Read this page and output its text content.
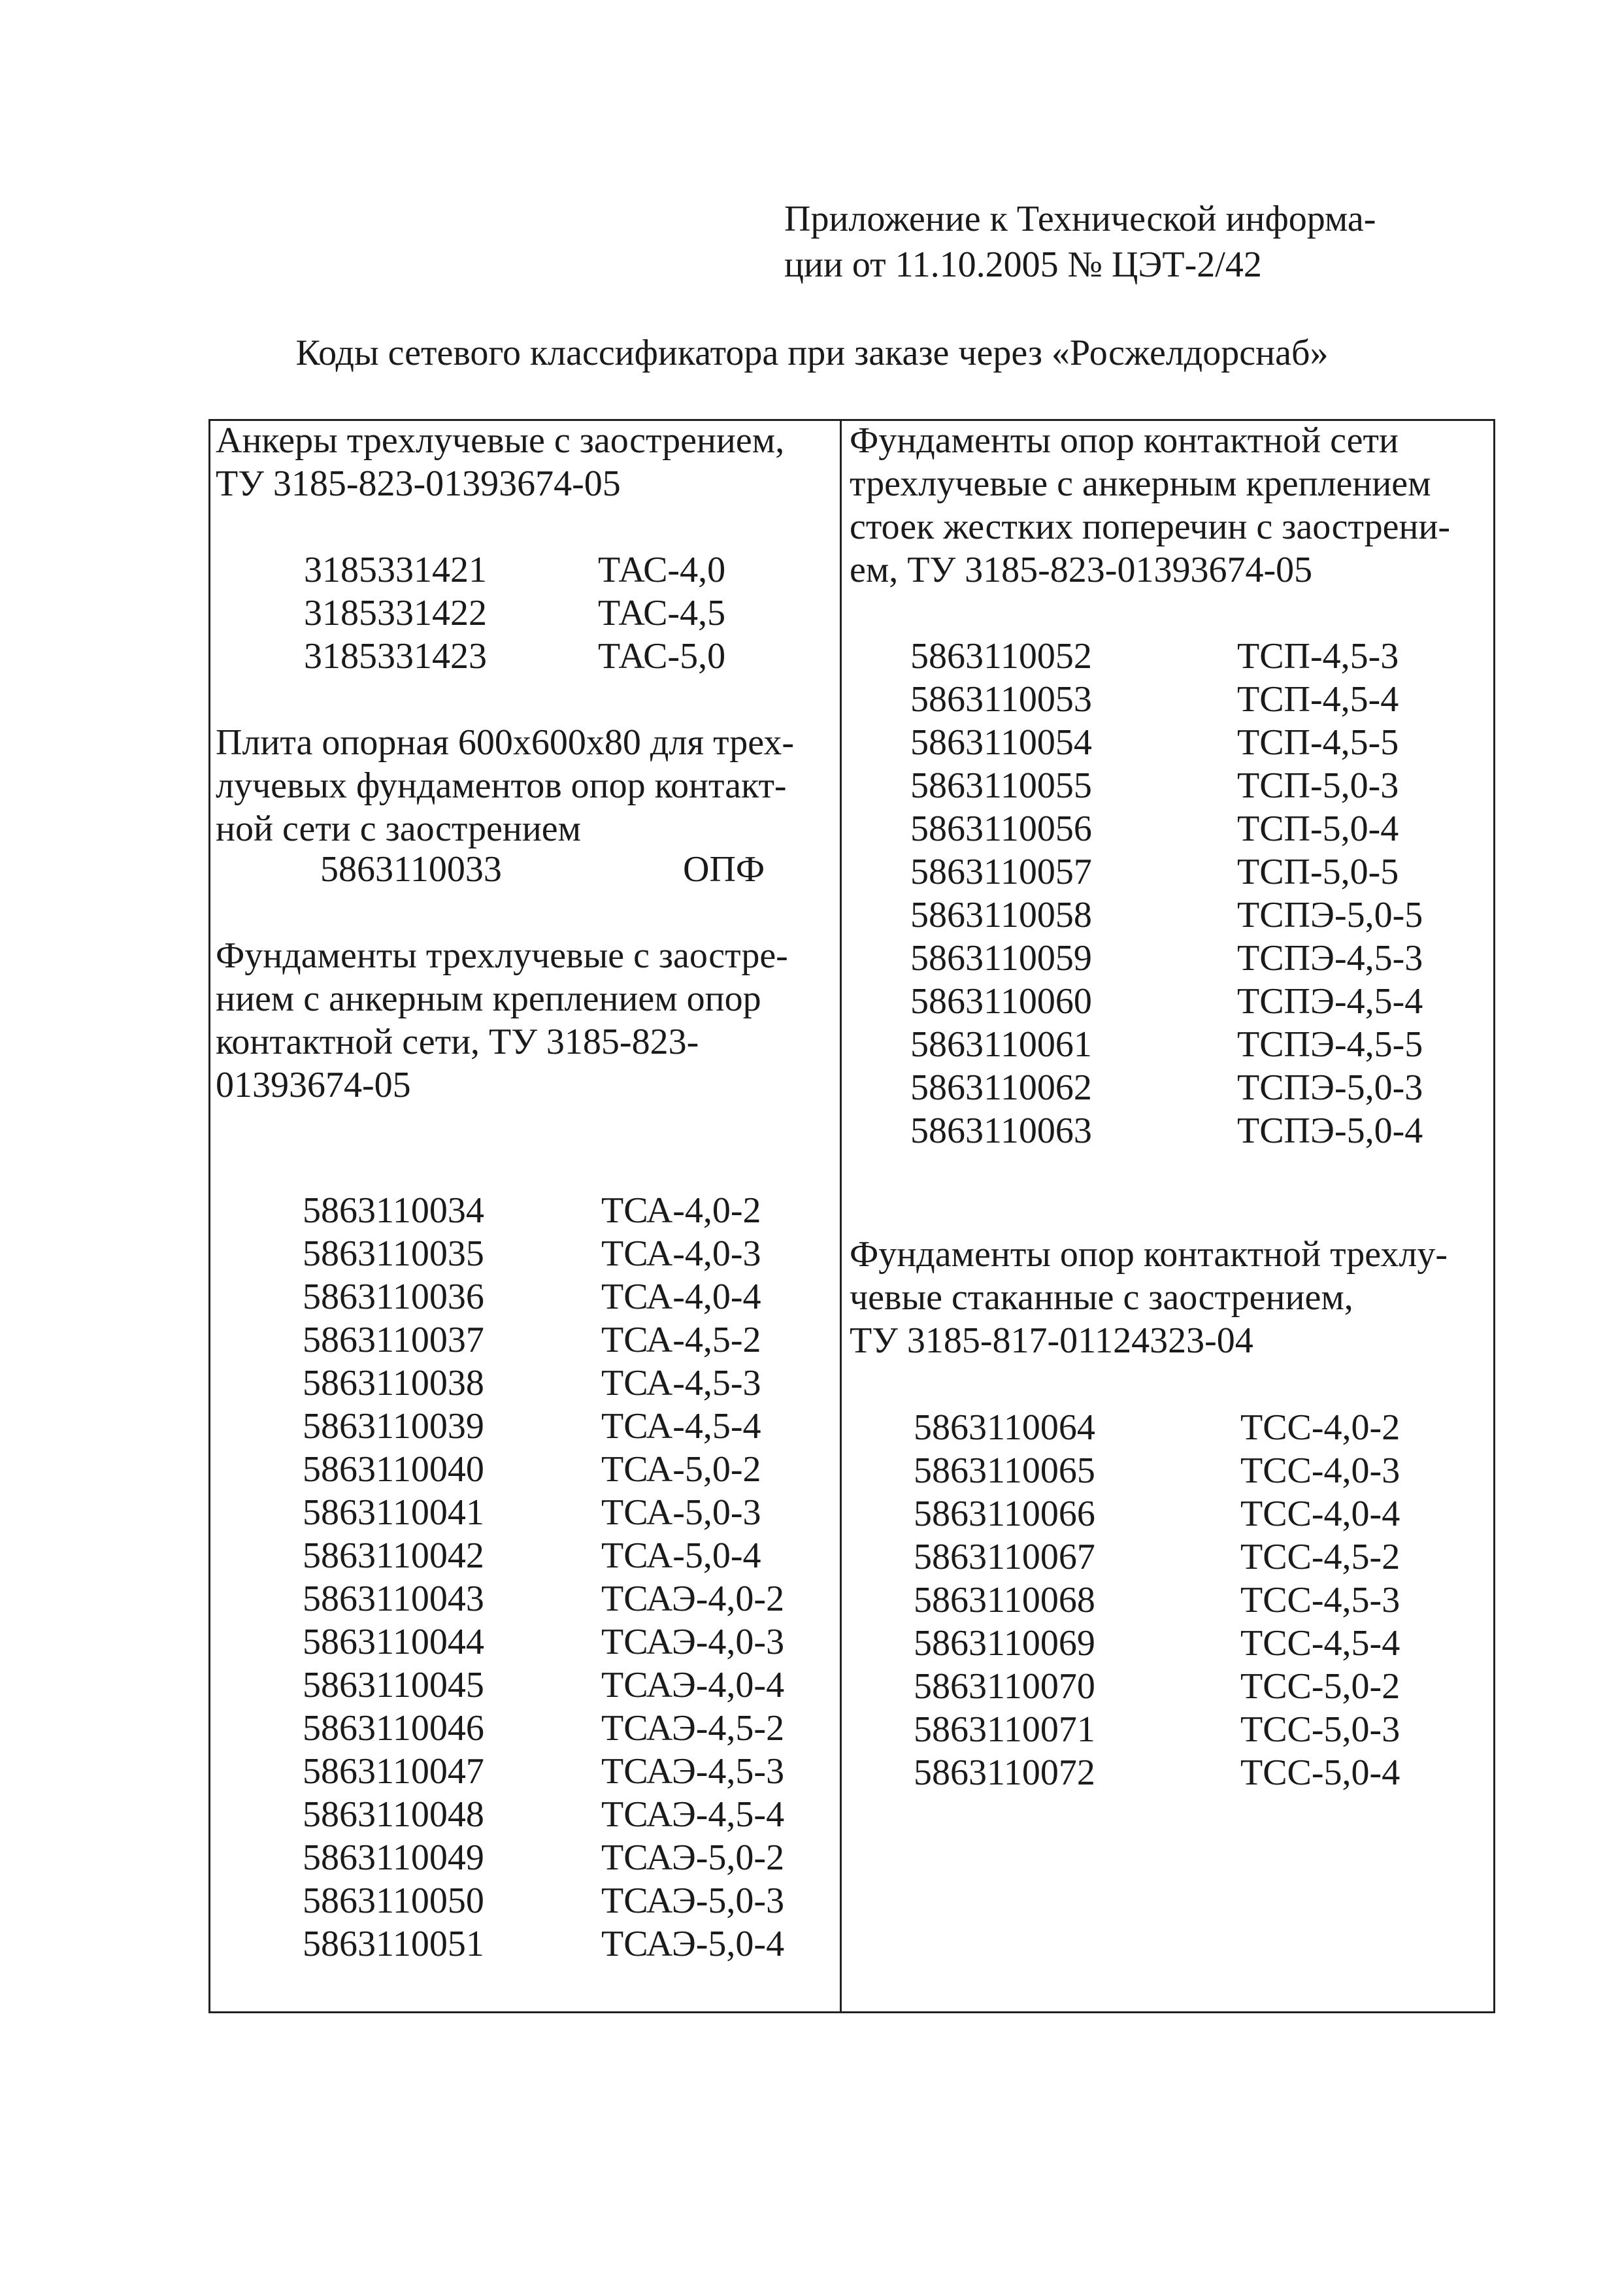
Приложение к Технической информа-
ции от 11.10.2005 № ЦЭТ-2/42
Коды сетевого классификатора при заказе через «Росжелдорснаб»
Анкеры трехлучевые с заострением,
ТУ 3185-823-01393674-05
3185331421	ТАС-4,0
3185331422	ТАС-4,5
3185331423	ТАС-5,0
Плита опорная 600х600х80 для трех-
лучевых фундаментов опор контакт-
ной сети с заострением
5863110033	ОПФ
Фундаменты трехлучевые с заостре-
нием с анкерным креплением опор
контактной сети, ТУ 3185-823-
01393674-05
5863110034	ТСА-4,0-2
5863110035	ТСА-4,0-3
5863110036	ТСА-4,0-4
5863110037	ТСА-4,5-2
5863110038	ТСА-4,5-3
5863110039	ТСА-4,5-4
5863110040	ТСА-5,0-2
5863110041	ТСА-5,0-3
5863110042	ТСА-5,0-4
5863110043	ТСАЭ-4,0-2
5863110044	ТСАЭ-4,0-3
5863110045	ТСАЭ-4,0-4
5863110046	ТСАЭ-4,5-2
5863110047	ТСАЭ-4,5-3
5863110048	ТСАЭ-4,5-4
5863110049	ТСАЭ-5,0-2
5863110050	ТСАЭ-5,0-3
5863110051	ТСАЭ-5,0-4
Фундаменты опор контактной сети
трехлучевые с анкерным креплением
стоек жестких поперечин с заострени-
ем, ТУ 3185-823-01393674-05
5863110052	ТСП-4,5-3
5863110053	ТСП-4,5-4
5863110054	ТСП-4,5-5
5863110055	ТСП-5,0-3
5863110056	ТСП-5,0-4
5863110057	ТСП-5,0-5
5863110058	ТСПЭ-5,0-5
5863110059	ТСПЭ-4,5-3
5863110060	ТСПЭ-4,5-4
5863110061	ТСПЭ-4,5-5
5863110062	ТСПЭ-5,0-3
5863110063	ТСПЭ-5,0-4
Фундаменты опор контактной трехлу-
чевые стаканные с заострением,
ТУ 3185-817-01124323-04
5863110064	ТСС-4,0-2
5863110065	ТСС-4,0-3
5863110066	ТСС-4,0-4
5863110067	ТСС-4,5-2
5863110068	ТСС-4,5-3
5863110069	ТСС-4,5-4
5863110070	ТСС-5,0-2
5863110071	ТСС-5,0-3
5863110072	ТСС-5,0-4
